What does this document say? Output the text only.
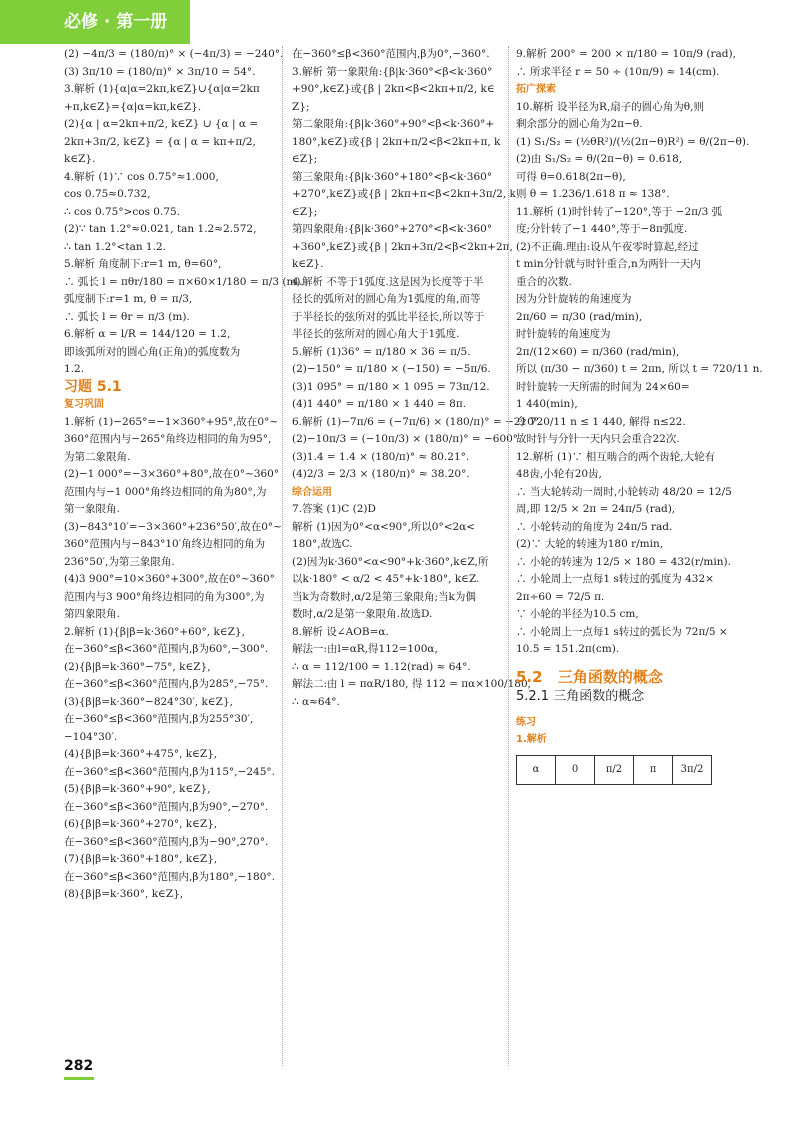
必修 · 第一册

(2) −4π/3 = (180/π)° × (−4π/3) = −240°.

(3) 3π/10 = (180/π)° × 3π/10 = 54°.

3.解析 (1){α|α=2kπ,k∈Z}∪{α|α=2kπ

+π,k∈Z}={α|α=kπ,k∈Z}.

(2){α | α=2kπ+π/2, k∈Z} ∪ {α | α =

2kπ+3π/2, k∈Z} = {α | α = kπ+π/2,

k∈Z}.

4.解析 (1)∵ cos 0.75°≈1.000,

cos 0.75≈0.732,

∴ cos 0.75°>cos 0.75.

(2)∵ tan 1.2°≈0.021, tan 1.2≈2.572,

∴ tan 1.2°<tan 1.2.

5.解析 角度制下:r=1 m, θ=60°,

∴ 弧长 l = πθr/180 = π×60×1/180 = π/3 (m).

弧度制下:r=1 m, θ = π/3,

∴ 弧长 l = θr = π/3 (m).

6.解析 α = l/R = 144/120 = 1.2,

即该弧所对的圆心角(正角)的弧度数为

1.2.

习题 5.1

复习巩固

1.解析 (1)−265°=−1×360°+95°,故在0°~

360°范围内与−265°角终边相同的角为95°,

为第二象限角.

(2)−1 000°=−3×360°+80°,故在0°~360°

范围内与−1 000°角终边相同的角为80°,为

第一象限角.

(3)−843°10′=−3×360°+236°50′,故在0°~

360°范围内与−843°10′角终边相同的角为

236°50′,为第三象限角.

(4)3 900°=10×360°+300°,故在0°~360°

范围内与3 900°角终边相同的角为300°,为

第四象限角.

2.解析 (1){β|β=k·360°+60°, k∈Z},

在−360°≤β<360°范围内,β为60°,−300°.

(2){β|β=k·360°−75°, k∈Z},

在−360°≤β<360°范围内,β为285°,−75°.

(3){β|β=k·360°−824°30′, k∈Z},

在−360°≤β<360°范围内,β为255°30′,

−104°30′.

(4){β|β=k·360°+475°, k∈Z},

在−360°≤β<360°范围内,β为115°,−245°.

(5){β|β=k·360°+90°, k∈Z},

在−360°≤β<360°范围内,β为90°,−270°.

(6){β|β=k·360°+270°, k∈Z},

在−360°≤β<360°范围内,β为−90°,270°.

(7){β|β=k·360°+180°, k∈Z},

在−360°≤β<360°范围内,β为180°,−180°.

(8){β|β=k·360°, k∈Z},

在−360°≤β<360°范围内,β为0°,−360°.

3.解析 第一象限角:{β|k·360°<β<k·360°

+90°,k∈Z}或{β | 2kπ<β<2kπ+π/2, k∈

Z};

第二象限角:{β|k·360°+90°<β<k·360°+

180°,k∈Z}或{β | 2kπ+π/2<β<2kπ+π, k

∈Z};

第三象限角:{β|k·360°+180°<β<k·360°

+270°,k∈Z}或{β | 2kπ+π<β<2kπ+3π/2, k

∈Z};

第四象限角:{β|k·360°+270°<β<k·360°

+360°,k∈Z}或{β | 2kπ+3π/2<β<2kπ+2π,

k∈Z}.

4.解析 不等于1弧度.这是因为长度等于半

径长的弧所对的圆心角为1弧度的角,而等

于半径长的弦所对的弧比半径长,所以等于

半径长的弦所对的圆心角大于1弧度.

5.解析 (1)36° = π/180 × 36 = π/5.

(2)−150° = π/180 × (−150) = −5π/6.

(3)1 095° = π/180 × 1 095 = 73π/12.

(4)1 440° = π/180 × 1 440 = 8π.

6.解析 (1)−7π/6 = (−7π/6) × (180/π)° = −210°.

(2)−10π/3 = (−10π/3) × (180/π)° = −600°.

(3)1.4 = 1.4 × (180/π)° ≈ 80.21°.

(4)2/3 = 2/3 × (180/π)° ≈ 38.20°.

综合运用

7.答案 (1)C (2)D

解析 (1)因为0°<α<90°,所以0°<2α<

180°,故选C.

(2)因为k·360°<α<90°+k·360°,k∈Z,所

以k·180° < α/2 < 45°+k·180°, k∈Z.

当k为奇数时,α/2是第三象限角;当k为偶

数时,α/2是第一象限角.故选D.

8.解析 设∠AOB=α.

解法一:由l=αR,得112=100α,

∴ α = 112/100 = 1.12(rad) ≈ 64°.

解法二:由 l = παR/180, 得 112 = πα×100/180,

∴ α≈64°.

9.解析 200° = 200 × π/180 = 10π/9 (rad),

∴ 所求半径 r = 50 ÷ (10π/9) ≈ 14(cm).

拓广探索

10.解析 设半径为R,扇子的圆心角为θ,则

剩余部分的圆心角为2π−θ.

(1) S₁/S₂ = (½θR²)/(½(2π−θ)R²) = θ/(2π−θ).

(2)由 S₁/S₂ = θ/(2π−θ) = 0.618,

可得 θ=0.618(2π−θ),

则 θ = 1.236/1.618 π ≈ 138°.

11.解析 (1)时针转了−120°,等于 −2π/3 弧

度;分针转了−1 440°,等于−8π弧度.

(2)不正确.理由:设从午夜零时算起,经过

t min分针就与时针重合,n为两针一天内

重合的次数.

因为分针旋转的角速度为

2π/60 = π/30 (rad/min),

时针旋转的角速度为

2π/(12×60) = π/360 (rad/min),

所以 (π/30 − π/360) t = 2πn, 所以 t = 720/11 n.

时针旋转一天所需的时间为 24×60=

1 440(min),

令 720/11 n ≤ 1 440, 解得 n≤22.

故时针与分针一天内只会重合22次.

12.解析 (1)∵ 相互啮合的两个齿轮,大轮有

48齿,小轮有20齿,

∴ 当大轮转动一周时,小轮转动 48/20 = 12/5

周,即 12/5 × 2π = 24π/5 (rad),

∴ 小轮转动的角度为 24π/5 rad.

(2)∵ 大轮的转速为180 r/min,

∴ 小轮的转速为 12/5 × 180 = 432(r/min).

∴ 小轮周上一点每1 s转过的弧度为 432×

2π÷60 = 72/5 π.

∵ 小轮的半径为10.5 cm,

∴ 小轮周上一点每1 s转过的弧长为 72π/5 ×

10.5 = 151.2π(cm).

5.2 三角函数的概念
5.2.1 三角函数的概念
练习
1.解析
α	0	π/2	π	3π/2
282
